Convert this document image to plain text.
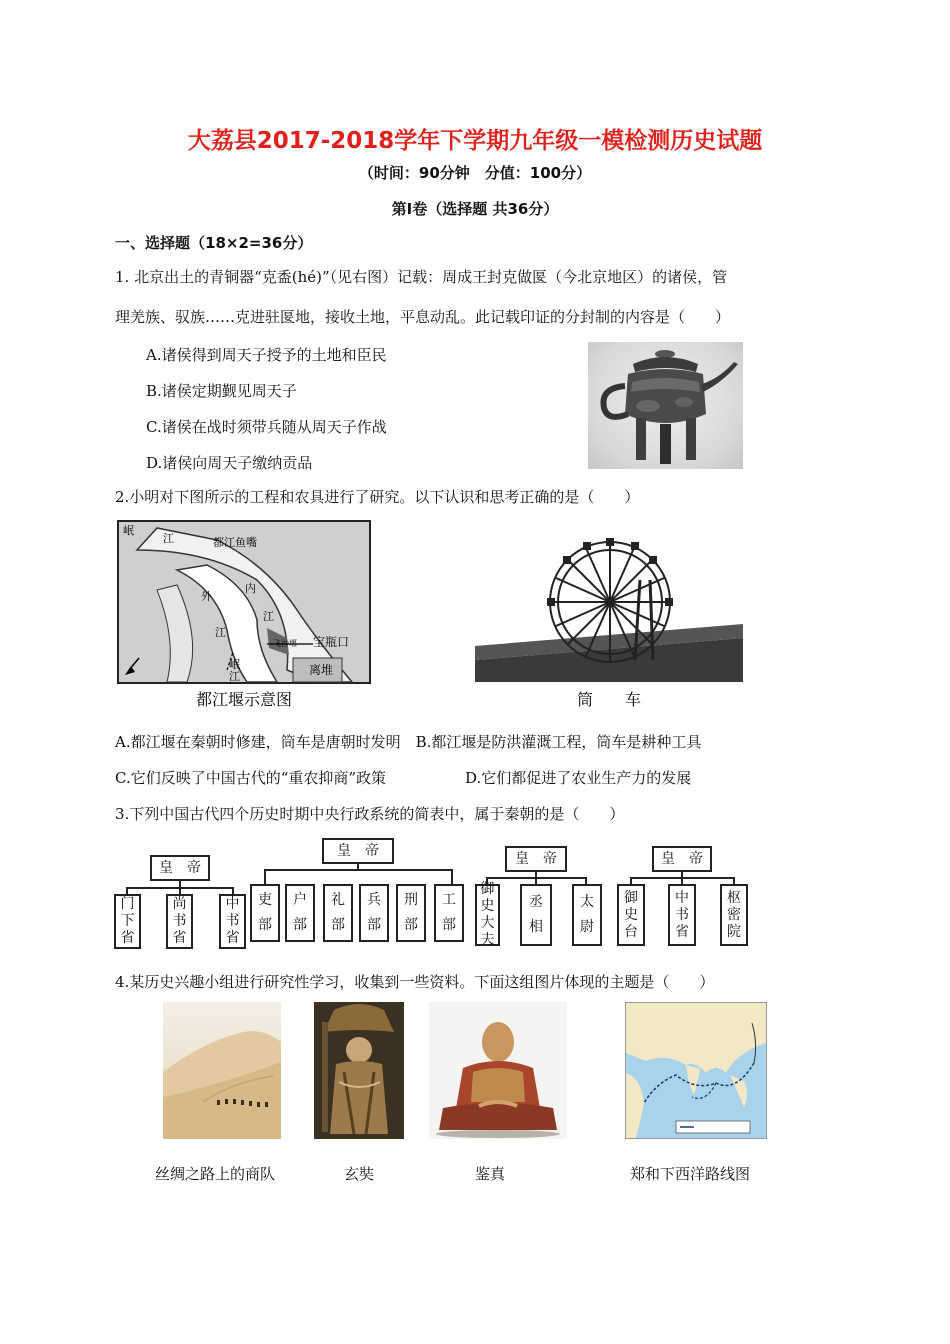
大荔县2017-2018学年下学期九年级一模检测历史试题
（时间：90分钟　分值：100分）
第Ⅰ卷（选择题 共36分）
一、选择题（18×2=36分）
1. 北京出土的青铜器“克盉(hé)”（见右图）记载：周成王封克做匽（今北京地区）的诸侯，管
理羌族、驭族……克进驻匽地，接收土地，平息动乱。此记载印证的分封制的内容是（　　）
A.诸侯得到周天子授予的土地和臣民
B.诸侯定期觐见周天子
C.诸侯在战时须带兵随从周天子作战
D.诸侯向周天子缴纳贡品
2.小明对下图所示的工程和农具进行了研究。以下认识和思考正确的是（　　）
岷
江	都江鱼嘴
内
江
外
江
飞沙堰 宝瓶口
离堆
岷
江
都江堰示意图	筒　　车
A.都江堰在秦朝时修建，筒车是唐朝时发明　B.都江堰是防洪灌溉工程，筒车是耕种工具
C.它们反映了中国古代的“重农抑商”政策	D.它们都促进了农业生产力的发展
3.下列中国古代四个历史时期中央行政系统的简表中，属于秦朝的是（　　）
皇　帝
门
下
省
尚
书
省
中
书
省
皇　帝
吏
部
户
部
礼
部
兵
部
刑
部
工
部
皇　帝
御
史
大
夫
丞
相
太
尉
皇　帝
御
史
台
中
书
省
枢
密
院
4.某历史兴趣小组进行研究性学习，收集到一些资料。下面这组图片体现的主题是（　　）
丝绸之路上的商队	玄奘	鉴真	郑和下西洋路线图
